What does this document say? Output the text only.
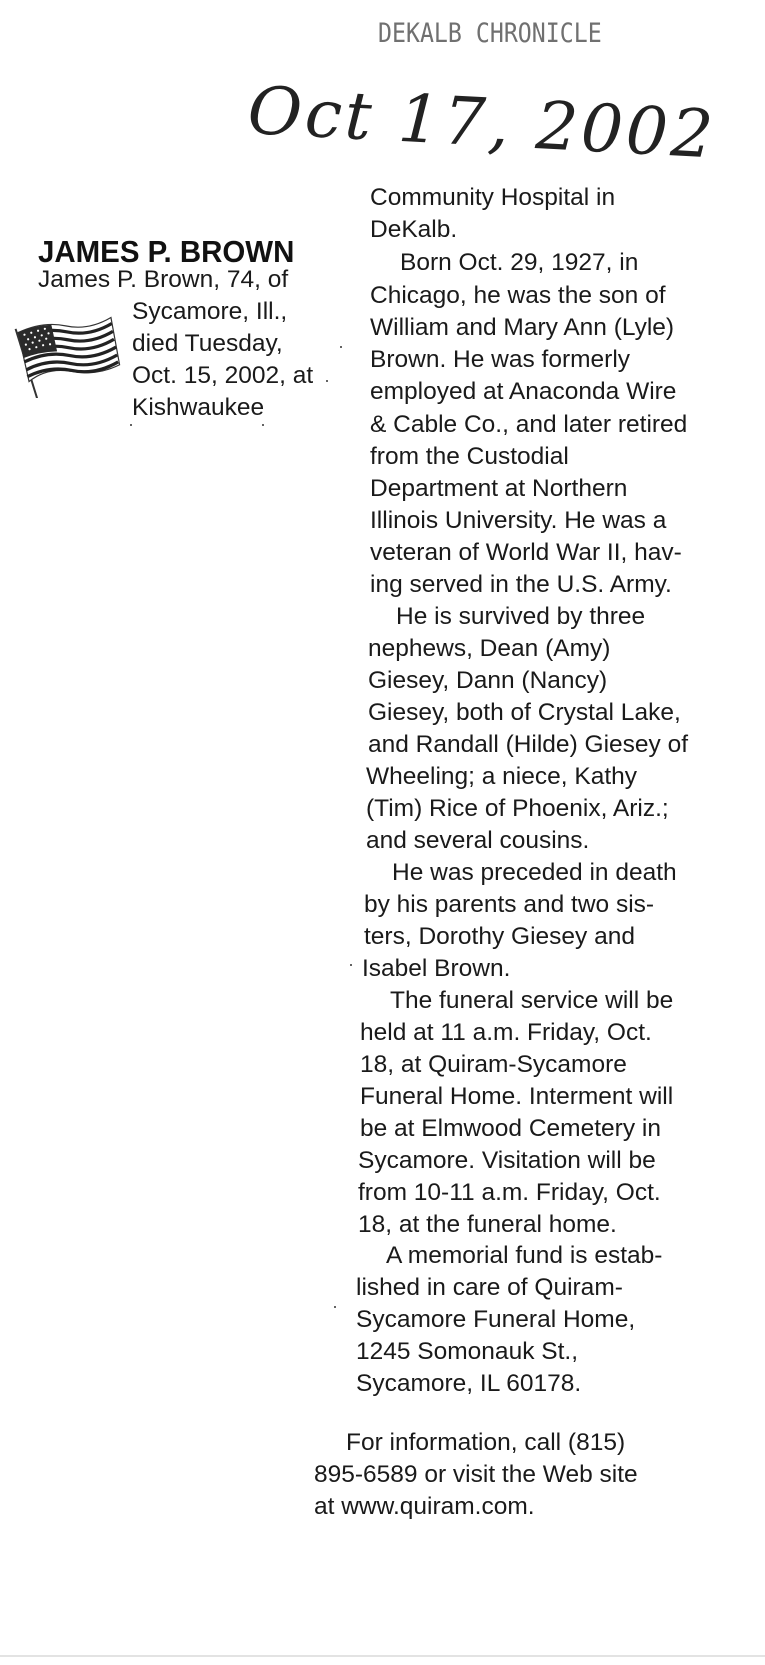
DEKALB CHRONICLE
Oct 17, 2002
JAMES P. BROWN
James P. Brown, 74, of
Sycamore, Ill.,
died Tuesday,
Oct. 15, 2002, at
Kishwaukee
Community Hospital in
DeKalb.
Born Oct. 29, 1927, in
Chicago, he was the son of
William and Mary Ann (Lyle)
Brown. He was formerly
employed at Anaconda Wire
& Cable Co., and later retired
from the Custodial
Department at Northern
Illinois University. He was a
veteran of World War II, hav-
ing served in the U.S. Army.
He is survived by three
nephews, Dean (Amy)
Giesey, Dann (Nancy)
Giesey, both of Crystal Lake,
and Randall (Hilde) Giesey of
Wheeling; a niece, Kathy
(Tim) Rice of Phoenix, Ariz.;
and several cousins.
He was preceded in death
by his parents and two sis-
ters, Dorothy Giesey and
Isabel Brown.
The funeral service will be
held at 11 a.m. Friday, Oct.
18, at Quiram-Sycamore
Funeral Home. Interment will
be at Elmwood Cemetery in
Sycamore. Visitation will be
from 10-11 a.m. Friday, Oct.
18, at the funeral home.
A memorial fund is estab-
lished in care of Quiram-
Sycamore Funeral Home,
1245 Somonauk St.,
Sycamore, IL 60178.
For information, call (815)
895-6589 or visit the Web site
at www.quiram.com.
